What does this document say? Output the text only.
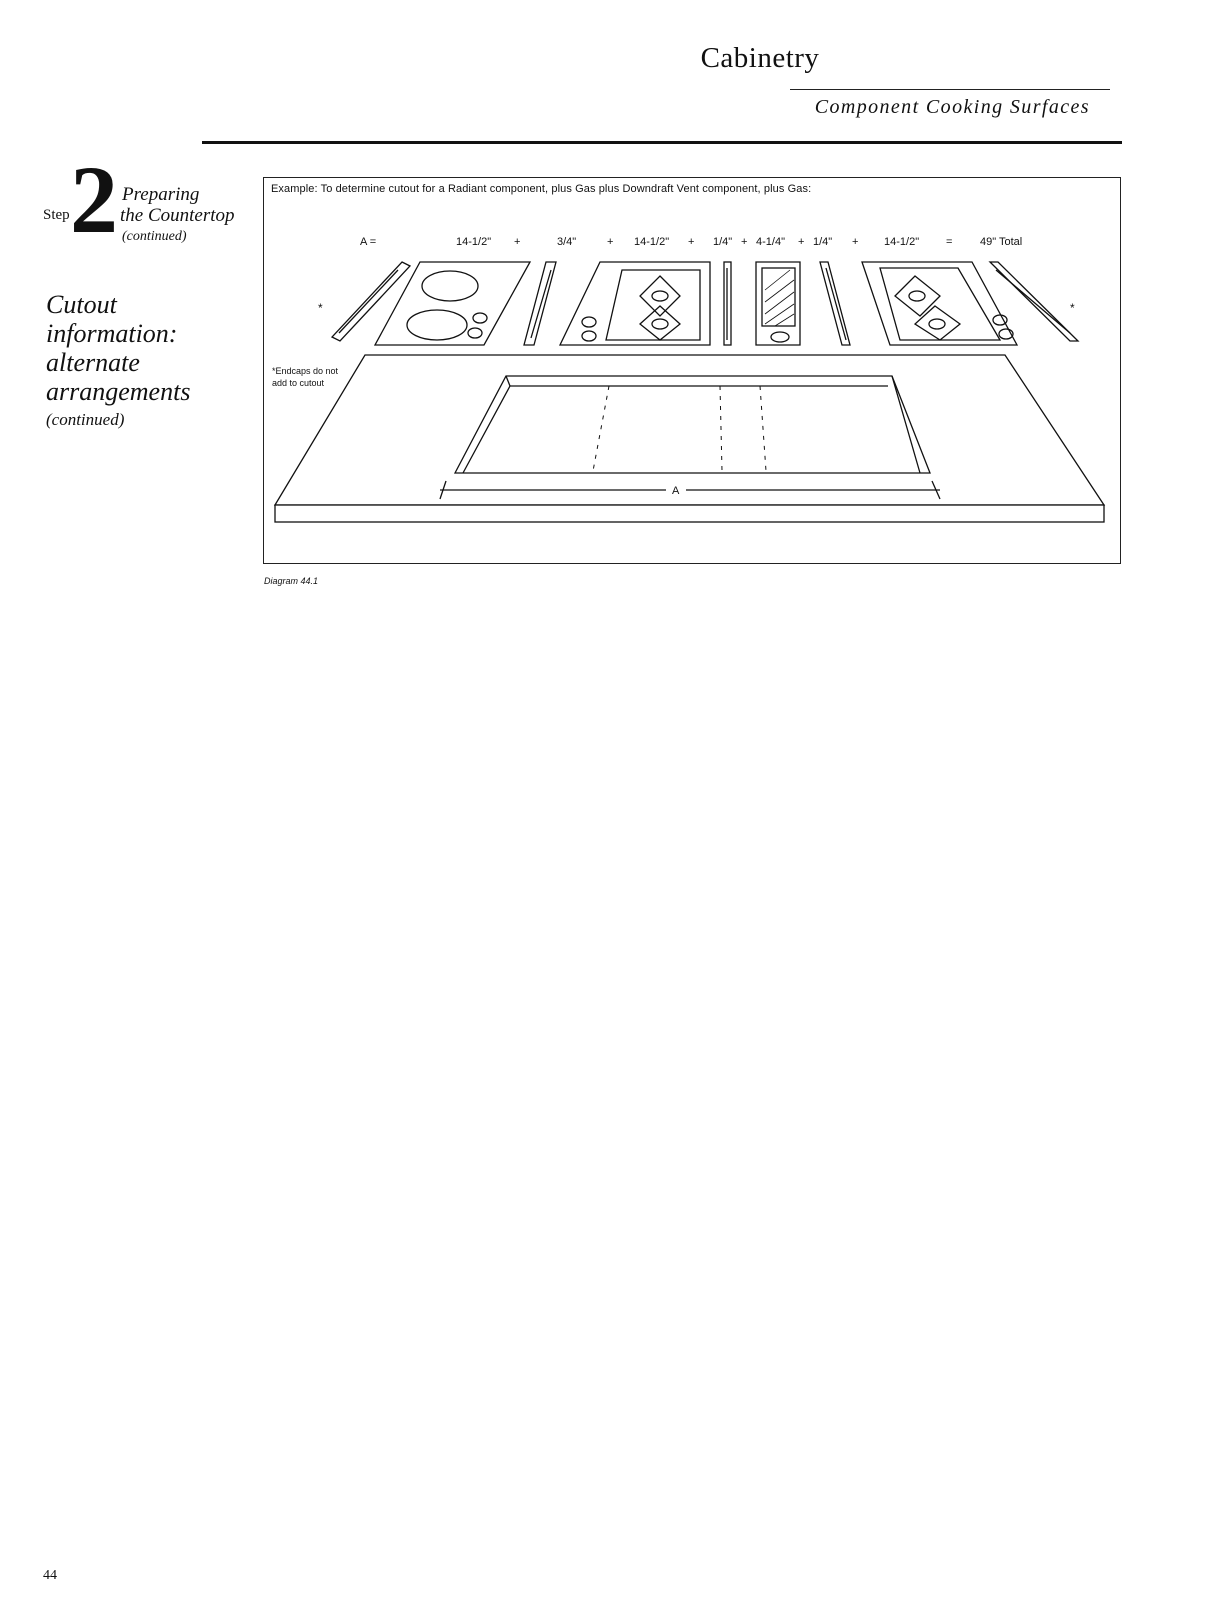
Cabinetry
Component Cooking Surfaces
Step 2 Preparing
the Countertop
(continued)
Cutout information: alternate arrangements
(continued)
Example: To determine cutout for a Radiant component, plus Gas plus Downdraft Vent component, plus Gas:
A =	14-1/2" +	3/4"	+ 14-1/2" + 1/4" + 4-1/4" + 1/4" + 14-1/2" =	49" Total
*Endcaps do not
add to cutout
*	*
A
Diagram 44.1
44
